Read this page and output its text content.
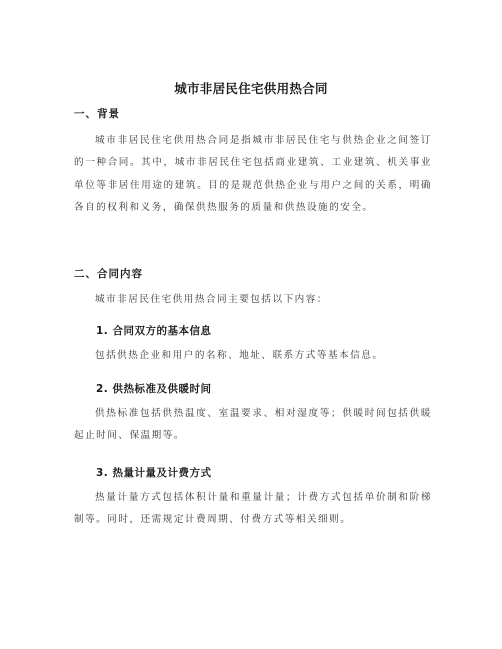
城市非居民住宅供用热合同
一、背景
城市非居民住宅供用热合同是指城市非居民住宅与供热企业之间签订的一种合同。其中，城市非居民住宅包括商业建筑、工业建筑、机关事业单位等非居住用途的建筑。目的是规范供热企业与用户之间的关系，明确各自的权利和义务，确保供热服务的质量和供热设施的安全。
二、合同内容
城市非居民住宅供用热合同主要包括以下内容：
1. 合同双方的基本信息
包括供热企业和用户的名称、地址、联系方式等基本信息。
2. 供热标准及供暖时间
供热标准包括供热温度、室温要求、相对湿度等；供暖时间包括供暖起止时间、保温期等。
3. 热量计量及计费方式
热量计量方式包括体积计量和重量计量；计费方式包括单价制和阶梯制等。同时，还需规定计费周期、付费方式等相关细则。
